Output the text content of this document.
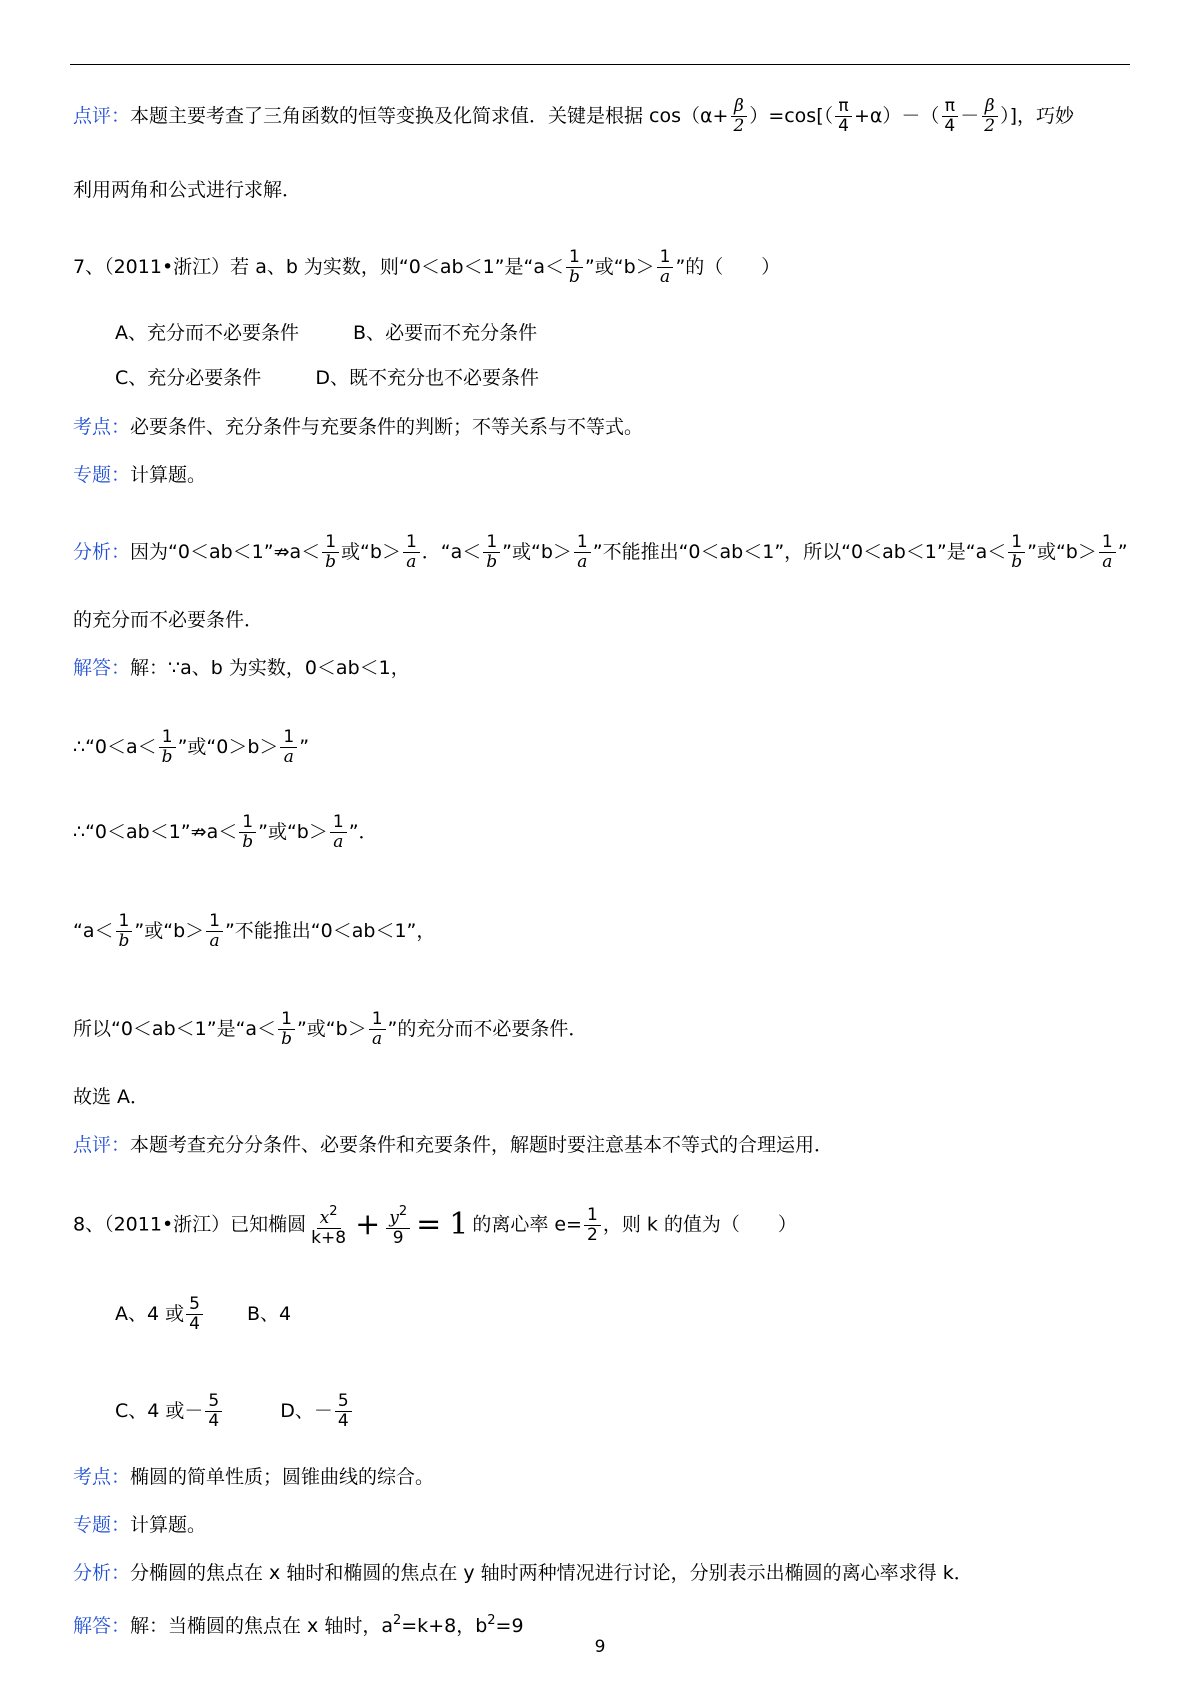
点评：本题主要考查了三角函数的恒等变换及化简求值．关键是根据 $\cos(\alpha+ \frac{\beta}{2} )=\cos[( \frac{\pi}{4} +\alpha)-( \frac{\pi}{4} - \frac{\beta}{2}$ ）]，巧妙
利用两角和公式进行求解．
7、（2011•浙江）若 a、b 为实数，则“0＜ab＜1”是“$a< \frac{1}{b}$ ”或“$b> \frac{1}{a}$ ”的（　　）
A、充分而不必要条件	B、必要而不充分条件
C、充分必要条件	D、既不充分也不必要条件
考点：必要条件、充分条件与充要条件的判断；不等关系与不等式。
专题：计算题。
分析：因为“0＜ab＜1”⇏a＜ $\frac{1}{b}$ 或“$b> \frac{1}{a}$ ．“$a< \frac{1}{b}$ ”或“$b> \frac{1}{a}$ ”不能推出“0＜ab＜1”，所以“0＜ab＜1”是“$a< \frac{1}{b}$ ”或“$b> \frac{1}{a}$ ”
的充分而不必要条件．
解答：解：∵a、b 为实数，0＜ab＜1，
∴“0＜a＜ $\frac{1}{b}$ ”或“$0>b> \frac{1}{a}$ ”
∴“0＜ab＜1”⇏a＜ $\frac{1}{b}$ ”或“$b> \frac{1}{a}$ ”．
“$a< \frac{1}{b}$ ”或“$b> \frac{1}{a}$ ”不能推出“0＜ab＜1”，
所以“0＜ab＜1”是“$a< \frac{1}{b}$ ”或“$b> \frac{1}{a}$ ”的充分而不必要条件．
故选 A．
点评：本题考查充分分条件、必要条件和充要条件，解题时要注意基本不等式的合理运用．
8、（2011•浙江）已知椭圆 $\frac{x^2}{k+8} + \frac{y^2}{9} = 1$ 的离心率 $e= \frac{1}{2}$ ，则 k 的值为（　　）
A、4 或 $\frac{5}{4}$ B、4
C、4 或－ $\frac{5}{4}$	D、－ $\frac{5}{4}$
考点：椭圆的简单性质；圆锥曲线的综合。
专题：计算题。
分析：分椭圆的焦点在 x 轴时和椭圆的焦点在 y 轴时两种情况进行讨论，分别表示出椭圆的离心率求得 k．
解答：解：当椭圆的焦点在 x 轴时，$a^2=k+8$，$b^2=9$
9
